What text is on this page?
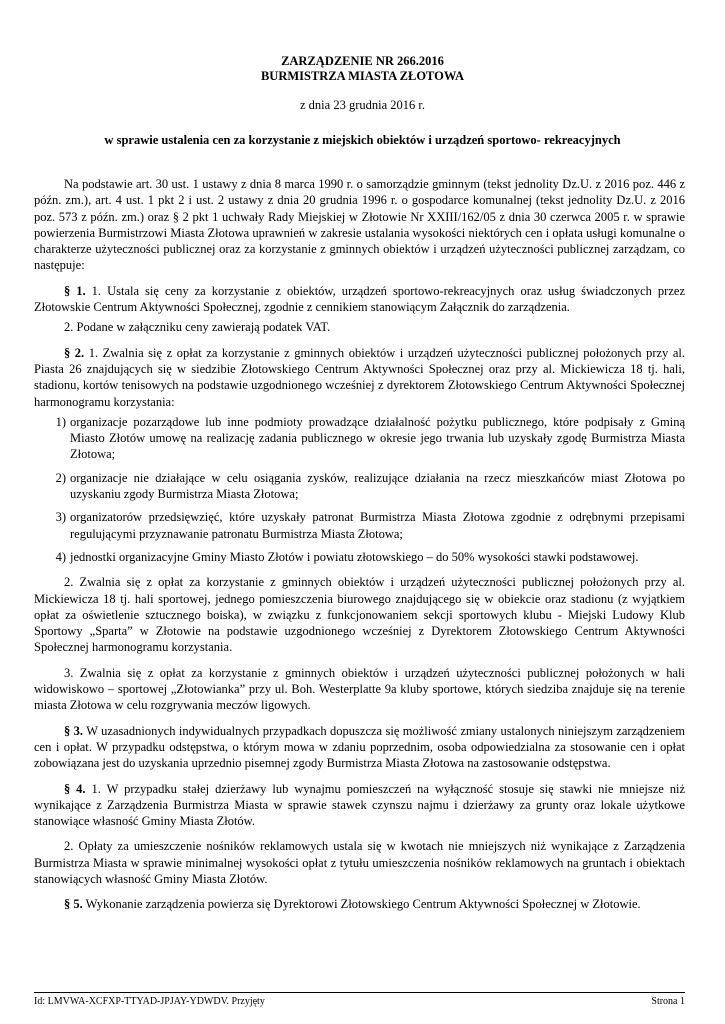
ZARZĄDZENIE NR 266.2016
BURMISTRZA MIASTA ZŁOTOWA
z dnia 23 grudnia 2016 r.
w sprawie ustalenia cen za korzystanie z miejskich obiektów i urządzeń sportowo- rekreacyjnych

Na podstawie art. 30 ust. 1 ustawy z dnia 8 marca 1990 r. o samorządzie gminnym (tekst jednolity Dz.U. z 2016 poz. 446 z późn. zm.), art. 4 ust. 1 pkt 2 i ust. 2 ustawy z dnia 20 grudnia 1996 r. o gospodarce komunalnej (tekst jednolity Dz.U. z 2016 poz. 573 z późn. zm.) oraz § 2 pkt 1 uchwały Rady Miejskiej w Złotowie Nr XXIII/162/05 z dnia 30 czerwca 2005 r. w sprawie powierzenia Burmistrzowi Miasta Złotowa uprawnień w zakresie ustalania wysokości niektórych cen i opłata usługi komunalne o charakterze użyteczności publicznej oraz za korzystanie z gminnych obiektów i urządzeń użyteczności publicznej zarządzam, co następuje:

§ 1. 1. Ustala się ceny za korzystanie z obiektów, urządzeń sportowo-rekreacyjnych oraz usług świadczonych przez Złotowskie Centrum Aktywności Społecznej, zgodnie z cennikiem stanowiącym Załącznik do zarządzenia.

2. Podane w załączniku ceny zawierają podatek VAT.

§ 2. 1. Zwalnia się z opłat za korzystanie z gminnych obiektów i urządzeń użyteczności publicznej położonych przy al. Piasta 26 znajdujących się w siedzibie Złotowskiego Centrum Aktywności Społecznej oraz przy al. Mickiewicza 18 tj. hali, stadionu, kortów tenisowych na podstawie uzgodnionego wcześniej z dyrektorem Złotowskiego Centrum Aktywności Społecznej harmonogramu korzystania:

1) organizacje pozarządowe lub inne podmioty prowadzące działalność pożytku publicznego, które podpisały z Gminą Miasto Złotów umowę na realizację zadania publicznego w okresie jego trwania lub uzyskały zgodę Burmistrza Miasta Złotowa;
2) organizacje nie działające w celu osiągania zysków, realizujące działania na rzecz mieszkańców miast Złotowa po uzyskaniu zgody Burmistrza Miasta Złotowa;
3) organizatorów przedsięwzięć, które uzyskały patronat Burmistrza Miasta Złotowa zgodnie z odrębnymi przepisami regulującymi przyznawanie patronatu Burmistrza Miasta Złotowa;
4) jednostki organizacyjne Gminy Miasto Złotów i powiatu złotowskiego – do 50% wysokości stawki podstawowej.

2. Zwalnia się z opłat za korzystanie z gminnych obiektów i urządzeń użyteczności publicznej położonych przy al. Mickiewicza 18 tj. hali sportowej, jednego pomieszczenia biurowego znajdującego się w obiekcie oraz stadionu (z wyjątkiem opłat za oświetlenie sztucznego boiska), w związku z funkcjonowaniem sekcji sportowych klubu - Miejski Ludowy Klub Sportowy „Sparta” w Złotowie na podstawie uzgodnionego wcześniej z Dyrektorem Złotowskiego Centrum Aktywności Społecznej harmonogramu korzystania.

3. Zwalnia się z opłat za korzystanie z gminnych obiektów i urządzeń użyteczności publicznej położonych w hali widowiskowo – sportowej „Złotowianka” przy ul. Boh. Westerplatte 9a kluby sportowe, których siedziba znajduje się na terenie miasta Złotowa w celu rozgrywania meczów ligowych.

§ 3. W uzasadnionych indywidualnych przypadkach dopuszcza się możliwość zmiany ustalonych niniejszym zarządzeniem cen i opłat. W przypadku odstępstwa, o którym mowa w zdaniu poprzednim, osoba odpowiedzialna za stosowanie cen i opłat zobowiązana jest do uzyskania uprzednio pisemnej zgody Burmistrza Miasta Złotowa na zastosowanie odstępstwa.

§ 4. 1. W przypadku stałej dzierżawy lub wynajmu pomieszczeń na wyłączność stosuje się stawki nie mniejsze niż wynikające z Zarządzenia Burmistrza Miasta w sprawie stawek czynszu najmu i dzierżawy za grunty oraz lokale użytkowe stanowiące własność Gminy Miasta Złotów.

2. Opłaty za umieszczenie nośników reklamowych ustala się w kwotach nie mniejszych niż wynikające z Zarządzenia Burmistrza Miasta w sprawie minimalnej wysokości opłat z tytułu umieszczenia nośników reklamowych na gruntach i obiektach stanowiących własność Gminy Miasta Złotów.

§ 5. Wykonanie zarządzenia powierza się Dyrektorowi Złotowskiego Centrum Aktywności Społecznej w Złotowie.

Id: LMVWA-XCFXP-TTYAD-JPJAY-YDWDV. Przyjęty	Strona 1
